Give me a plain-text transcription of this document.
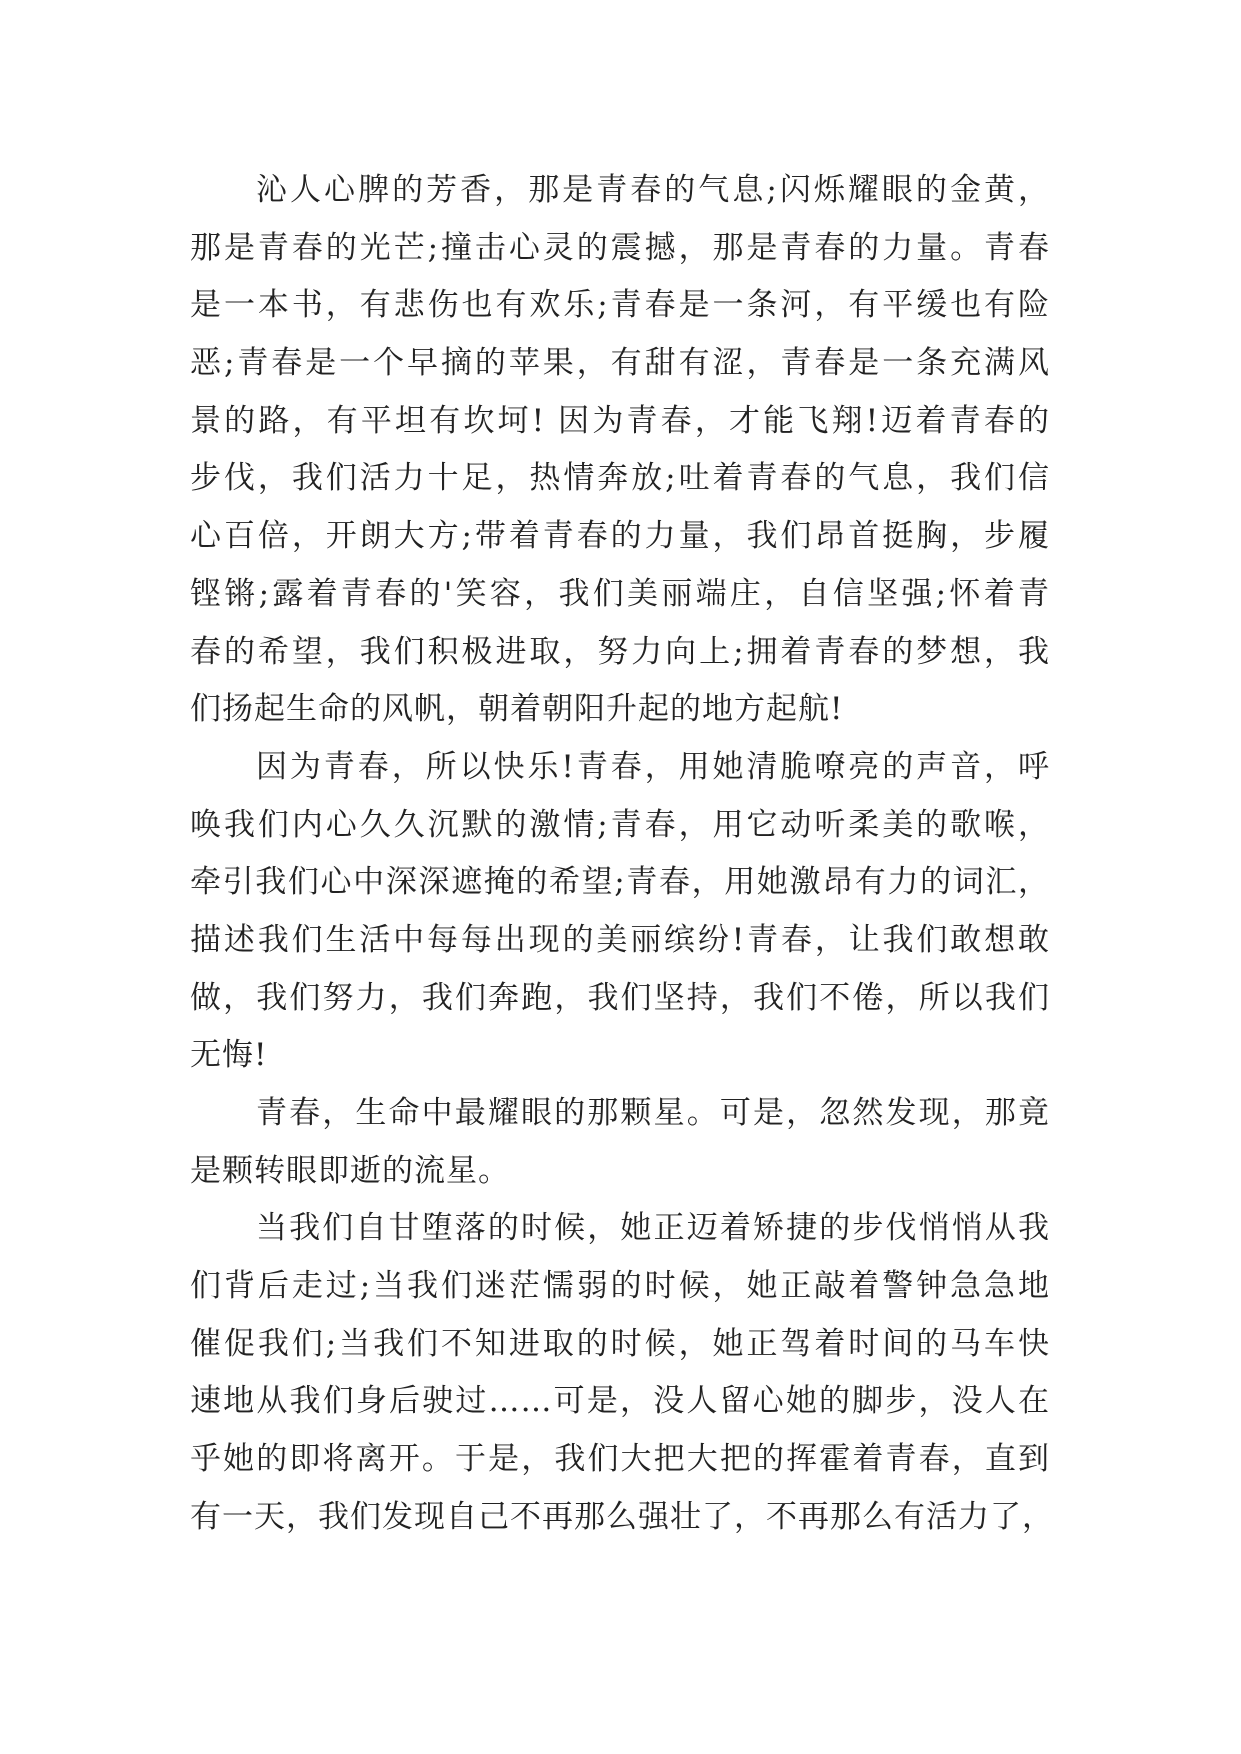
沁人心脾的芳香，那是青春的气息;闪烁耀眼的金黄，
那是青春的光芒;撞击心灵的震撼，那是青春的力量。青春
是一本书，有悲伤也有欢乐;青春是一条河，有平缓也有险
恶;青春是一个早摘的苹果，有甜有涩，青春是一条充满风
景的路，有平坦有坎坷! 因为青春，才能飞翔!迈着青春的
步伐，我们活力十足，热情奔放;吐着青春的气息，我们信
心百倍，开朗大方;带着青春的力量，我们昂首挺胸，步履
铿锵;露着青春的'笑容，我们美丽端庄，自信坚强;怀着青
春的希望，我们积极进取，努力向上;拥着青春的梦想，我
们扬起生命的风帆，朝着朝阳升起的地方起航!
因为青春，所以快乐!青春，用她清脆嘹亮的声音，呼
唤我们内心久久沉默的激情;青春，用它动听柔美的歌喉，
牵引我们心中深深遮掩的希望;青春，用她激昂有力的词汇，
描述我们生活中每每出现的美丽缤纷!青春，让我们敢想敢
做，我们努力，我们奔跑，我们坚持，我们不倦，所以我们
无悔!
青春，生命中最耀眼的那颗星。可是，忽然发现，那竟
是颗转眼即逝的流星。
当我们自甘堕落的时候，她正迈着矫捷的步伐悄悄从我
们背后走过;当我们迷茫懦弱的时候，她正敲着警钟急急地
催促我们;当我们不知进取的时候，她正驾着时间的马车快
速地从我们身后驶过……可是，没人留心她的脚步，没人在
乎她的即将离开。于是，我们大把大把的挥霍着青春，直到
有一天，我们发现自己不再那么强壮了，不再那么有活力了，
